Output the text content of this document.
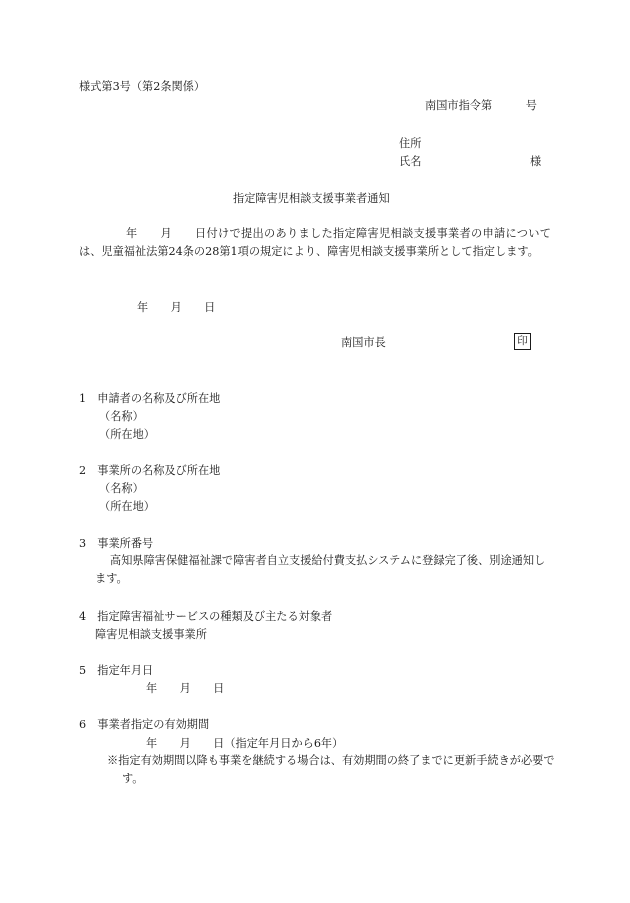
様式第3号（第2条関係）
南国市指令第　　　号
住所
氏名	様
指定障害児相談支援事業者通知
年　　月　　日付けで提出のありました指定障害児相談支援事業者の申請については、児童福祉法第24条の28第1項の規定により、障害児相談支援事業所として指定します。
年　　月　　日
南国市長	印
1　申請者の名称及び所在地
（名称）
（所在地）
2　事業所の名称及び所在地
（名称）
（所在地）
3　事業所番号
高知県障害保健福祉課で障害者自立支援給付費支払システムに登録完了後、別途通知します。
4　指定障害福祉サービスの種類及び主たる対象者
障害児相談支援事業所
5　指定年月日
年　　月　　日
6　事業者指定の有効期間
年　　月　　日（指定年月日から6年）
※指定有効期間以降も事業を継続する場合は、有効期間の終了までに更新手続きが必要です。
